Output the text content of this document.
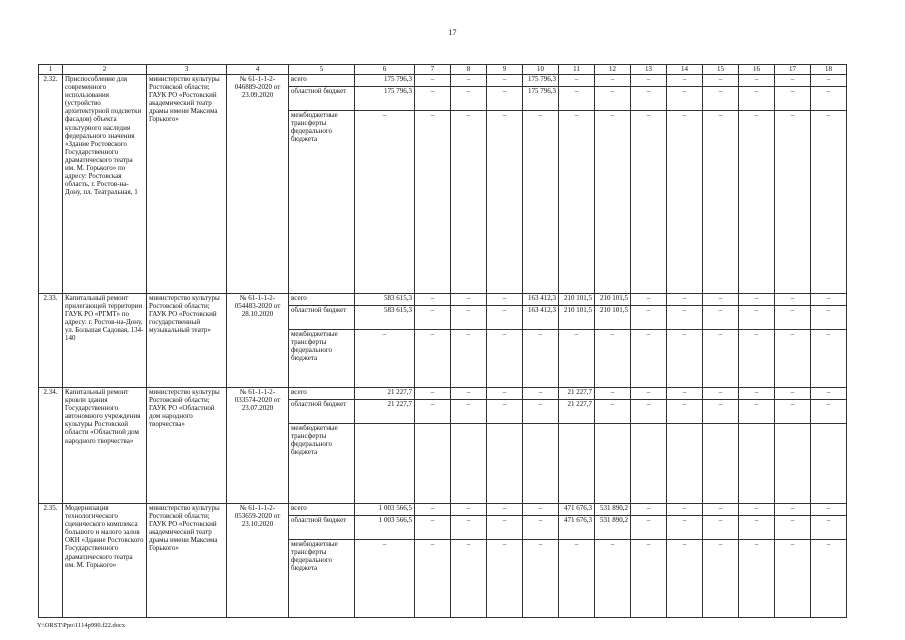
17
1	2	3	4	5	6	7	8	9	10	11	12	13	14	15	16	17	18
2.32.	Приспособление для современного использования (устройство архитектурной подсветки фасадов) объекта культурного наследия федерального значения «Здание Ростовского Государственного драматического театра им. М. Горького» по адресу: Ростовская область, г. Ростов-на-Дону, пл. Театральная, 1	министерство культуры Ростовской области; ГАУК РО «Ростовский академический театр драмы имени Максима Горького»	№ 61-1-1-2-046889-2020 от 23.09.2020	всего	175 796,3	–	–	–	175 796,3	–	–	–	–	–	–	–	–
				областной бюджет	175 796,3	–	–	–	175 796,3	–	–	–	–	–	–	–	–
				межбюджетные трансферты федерального бюджета	–	–	–	–	–	–	–	–	–	–	–	–	–
2.33.	Капитальный ремонт прилегающей территории ГАУК РО «РГМТ» по адресу: г. Ростов-на-Дону, ул. Большая Садовая, 134-140	министерство культуры Ростовской области; ГАУК РО «Ростовский государственный музыкальный театр»	№ 61-1-1-2-054483-2020 от 28.10.2020	всего	583 615,3	–	–	–	163 412,3	210 101,5	210 101,5	–	–	–	–	–	–
				областной бюджет	583 615,3	–	–	–	163 412,3	210 101,5	210 101,5	–	–	–	–	–	–
				межбюджетные трансферты федерального бюджета	–	–	–	–	–	–	–	–	–	–	–	–	–
2.34.	Капитальный ремонт кровли здания Государственного автономного учреждения культуры Ростовской области «Областной дом народного творчества»	министерство культуры Ростовской области; ГАУК РО «Областной дом народного творчества»	№ 61-1-1-2-033574-2020 от 23.07.2020	всего	21 227,7	–	–	–	–	21 227,7	–	–	–	–	–	–	–
				областной бюджет	21 227,7	–	–	–	–	21 227,7	–	–	–	–	–	–	–
				межбюджетные трансферты федерального бюджета													
2.35.	Модернизация технологического сценического комплекса большого и малого залов ОКН «Здание Ростовского Государственного драматического театра им. М. Горького»	министерство культуры Ростовской области; ГАУК РО «Ростовский академический театр драмы имени Максима Горького»	№ 61-1-1-2-053659-2020 от 23.10.2020	всего	1 003 566,5	–	–	–	–	471 676,3	531 890,2	–	–	–	–	–	–
				областной бюджет	1 003 566,5	–	–	–	–	471 676,3	531 890,2	–	–	–	–	–	–
				межбюджетные трансферты федерального бюджета	–	–	–	–	–	–	–	–	–	–	–	–	–
Y:\ORST\Ppo\1114p990.f22.docx
